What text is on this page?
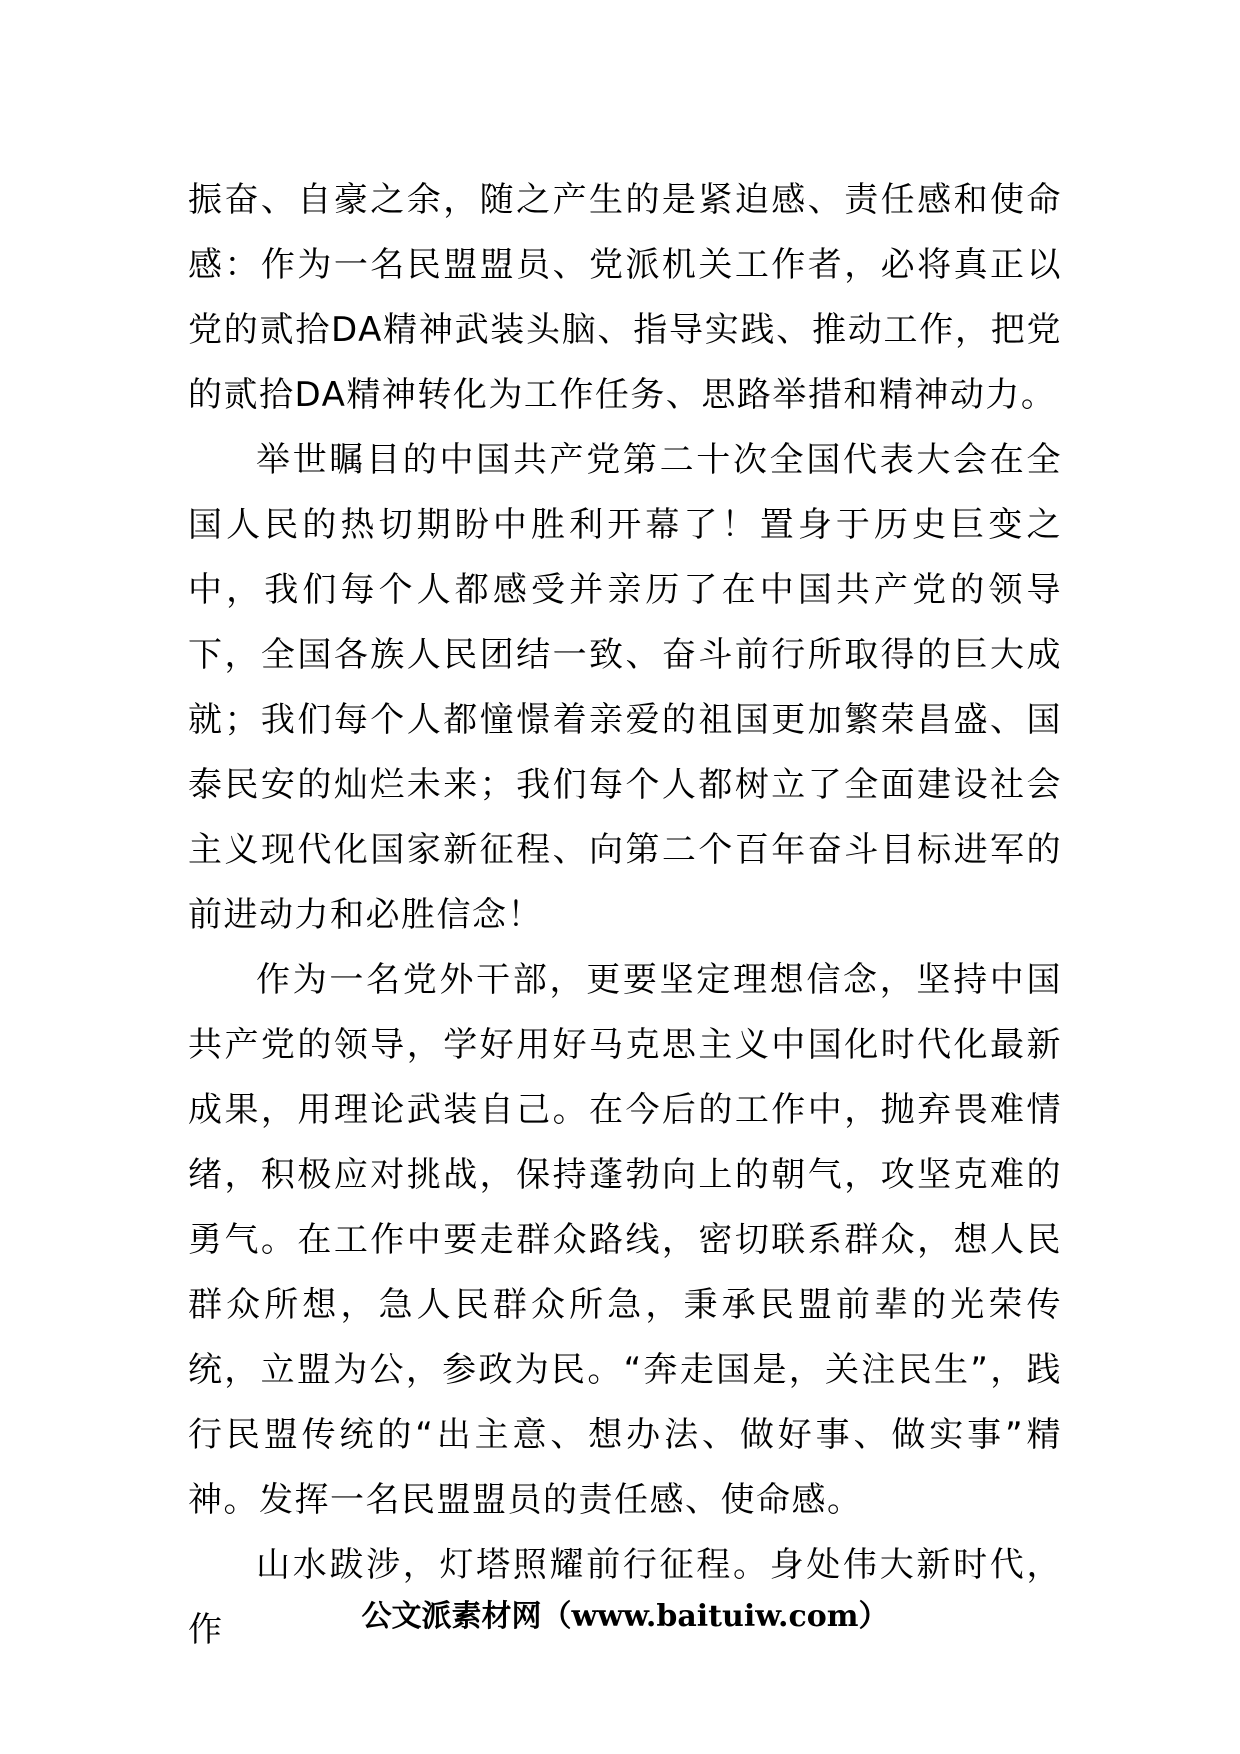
振奋、自豪之余，随之产生的是紧迫感、责任感和使命感：作为一名民盟盟员、党派机关工作者，必将真正以党的贰拾DA精神武装头脑、指导实践、推动工作，把党的贰拾DA精神转化为工作任务、思路举措和精神动力。

举世瞩目的中国共产党第二十次全国代表大会在全国人民的热切期盼中胜利开幕了！置身于历史巨变之中，我们每个人都感受并亲历了在中国共产党的领导下，全国各族人民团结一致、奋斗前行所取得的巨大成就；我们每个人都憧憬着亲爱的祖国更加繁荣昌盛、国泰民安的灿烂未来；我们每个人都树立了全面建设社会主义现代化国家新征程、向第二个百年奋斗目标进军的前进动力和必胜信念！

作为一名党外干部，更要坚定理想信念，坚持中国共产党的领导，学好用好马克思主义中国化时代化最新成果，用理论武装自己。在今后的工作中，抛弃畏难情绪，积极应对挑战，保持蓬勃向上的朝气，攻坚克难的勇气。在工作中要走群众路线，密切联系群众，想人民群众所想，急人民群众所急，秉承民盟前辈的光荣传统，立盟为公，参政为民。“奔走国是，关注民生”，践行民盟传统的“出主意、想办法、做好事、做实事”精神。发挥一名民盟盟员的责任感、使命感。

山水跋涉，灯塔照耀前行征程。身处伟大新时代，作	公文派素材网（www.baituiw.com）
